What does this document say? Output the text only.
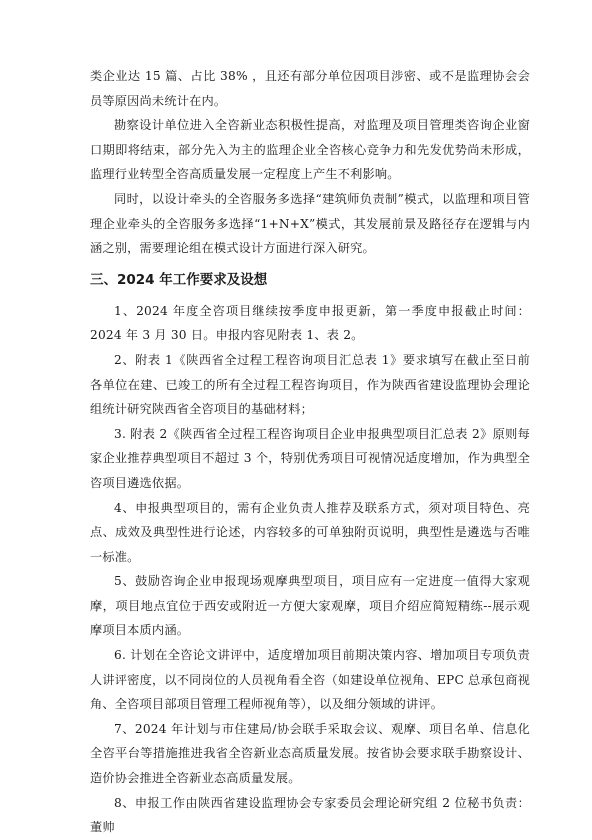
类企业达 15 篇、占比 38% ，且还有部分单位因项目涉密、或不是监理协会会员等原因尚未统计在内。

勘察设计单位进入全咨新业态积极性提高，对监理及项目管理类咨询企业窗口期即将结束，部分先入为主的监理企业全咨核心竞争力和先发优势尚未形成，监理行业转型全咨高质量发展一定程度上产生不利影响。

同时，以设计牵头的全咨服务多选择“建筑师负责制”模式，以监理和项目管理企业牵头的全咨服务多选择“1+N+X”模式，其发展前景及路径存在逻辑与内涵之别，需要理论组在模式设计方面进行深入研究。

三、2024 年工作要求及设想

1、2024 年度全咨项目继续按季度申报更新，第一季度申报截止时间：2024 年 3 月 30 日。申报内容见附表 1、表 2。

2、附表 1《陕西省全过程工程咨询项目汇总表 1》要求填写在截止至日前各单位在建、已竣工的所有全过程工程咨询项目，作为陕西省建设监理协会理论组统计研究陕西省全咨项目的基础材料；

3. 附表 2《陕西省全过程工程咨询项目企业申报典型项目汇总表 2》原则每家企业推荐典型项目不超过 3 个，特别优秀项目可视情况适度增加，作为典型全咨项目遴选依据。

4、申报典型项目的，需有企业负责人推荐及联系方式，须对项目特色、亮点、成效及典型性进行论述，内容较多的可单独附页说明，典型性是遴选与否唯一标准。

5、鼓励咨询企业申报现场观摩典型项目，项目应有一定进度一值得大家观摩，项目地点宜位于西安或附近一方便大家观摩，项目介绍应简短精练--展示观摩项目本质内涵。

6. 计划在全咨论文讲评中，适度增加项目前期决策内容、增加项目专项负责人讲评密度，以不同岗位的人员视角看全咨（如建设单位视角、EPC 总承包商视角、全咨项目部项目管理工程师视角等），以及细分领域的讲评。

7、2024 年计划与市住建局/协会联手采取会议、观摩、项目名单、信息化全咨平台等措施推进我省全咨新业态高质量发展。按省协会要求联手勘察设计、造价协会推进全咨新业态高质量发展。

8、申报工作由陕西省建设监理协会专家委员会理论研究组 2 位秘书负责：董帅
